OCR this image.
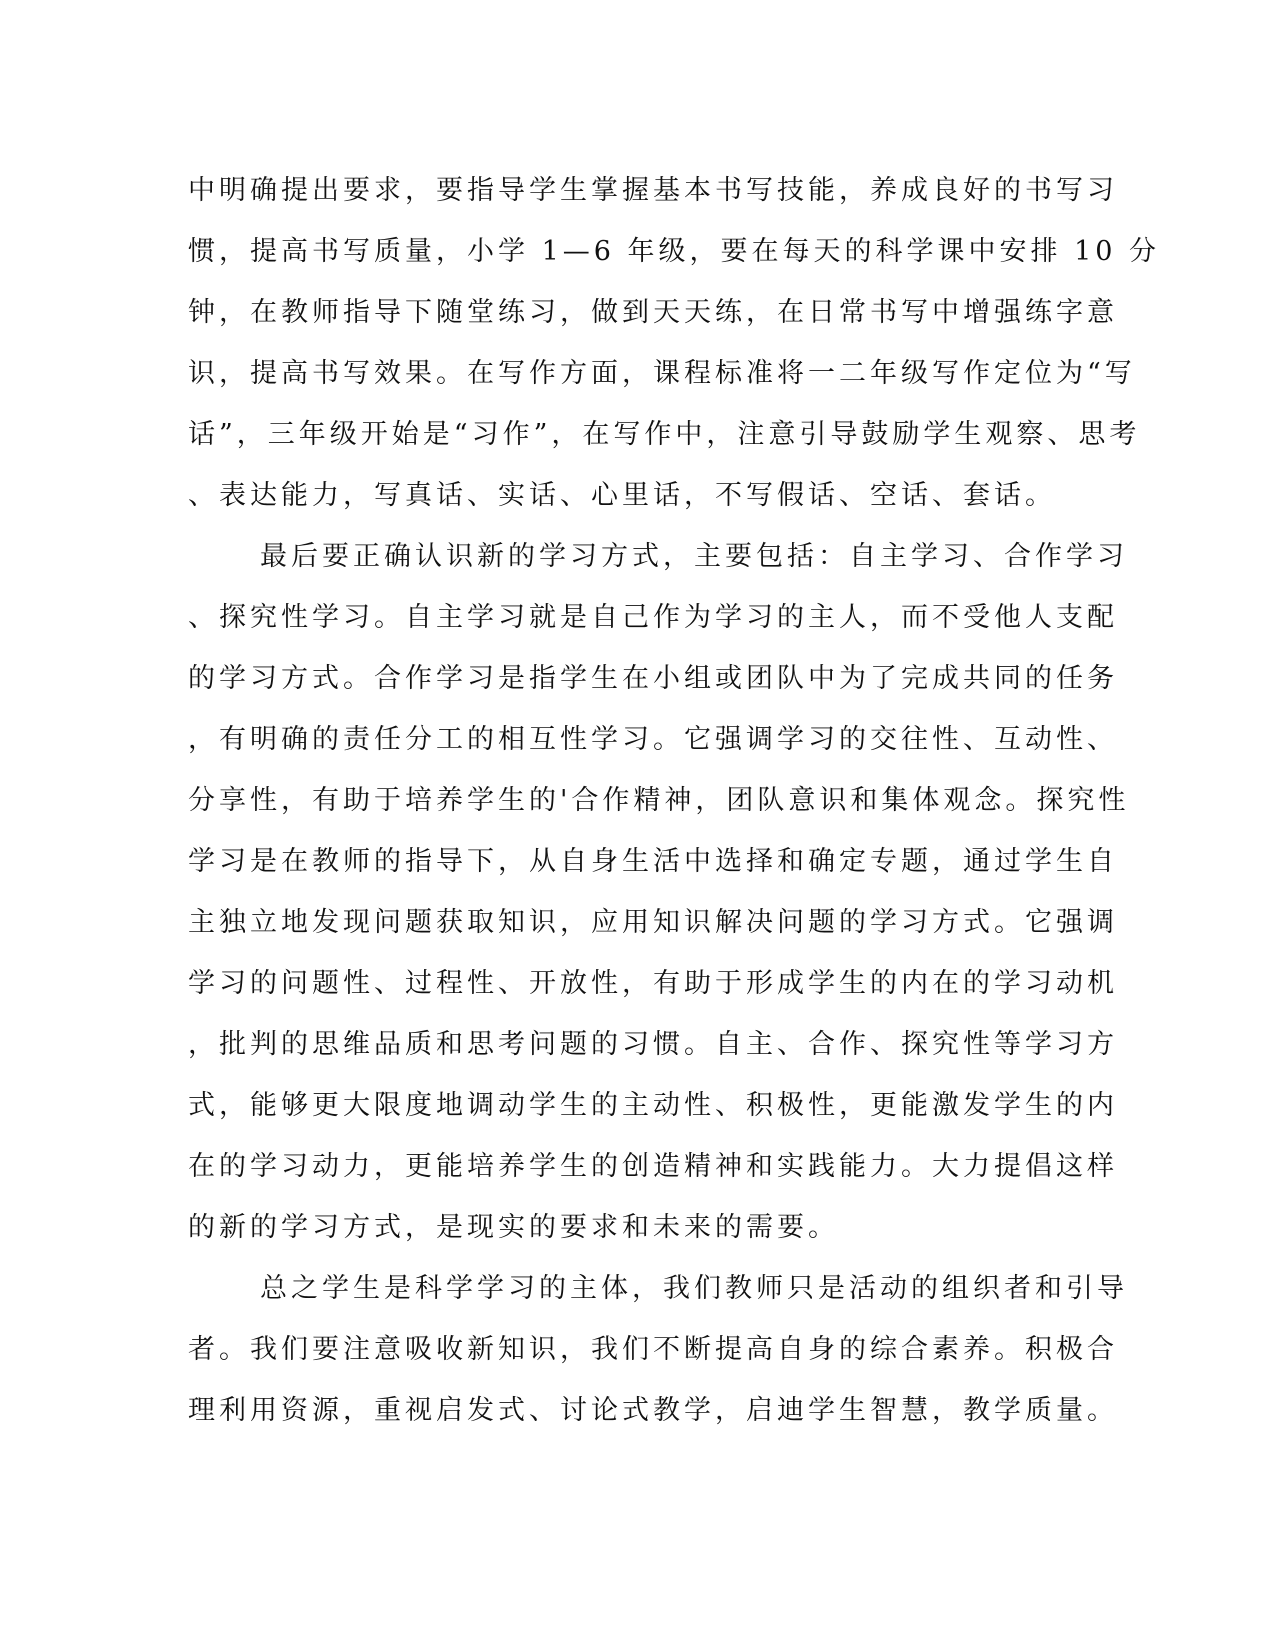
中明确提出要求，要指导学生掌握基本书写技能，养成良好的书写习
惯，提高书写质量，小学 1—6 年级，要在每天的科学课中安排 10 分
钟，在教师指导下随堂练习，做到天天练，在日常书写中增强练字意
识，提高书写效果。在写作方面，课程标准将一二年级写作定位为“写
话”，三年级开始是“习作”，在写作中，注意引导鼓励学生观察、思考
、表达能力，写真话、实话、心里话，不写假话、空话、套话。
最后要正确认识新的学习方式，主要包括：自主学习、合作学习
、探究性学习。自主学习就是自己作为学习的主人，而不受他人支配
的学习方式。合作学习是指学生在小组或团队中为了完成共同的任务
，有明确的责任分工的相互性学习。它强调学习的交往性、互动性、
分享性，有助于培养学生的'合作精神，团队意识和集体观念。探究性
学习是在教师的指导下，从自身生活中选择和确定专题，通过学生自
主独立地发现问题获取知识，应用知识解决问题的学习方式。它强调
学习的问题性、过程性、开放性，有助于形成学生的内在的学习动机
，批判的思维品质和思考问题的习惯。自主、合作、探究性等学习方
式，能够更大限度地调动学生的主动性、积极性，更能激发学生的内
在的学习动力，更能培养学生的创造精神和实践能力。大力提倡这样
的新的学习方式，是现实的要求和未来的需要。
总之学生是科学学习的主体，我们教师只是活动的组织者和引导
者。我们要注意吸收新知识，我们不断提高自身的综合素养。积极合
理利用资源，重视启发式、讨论式教学，启迪学生智慧，教学质量。
